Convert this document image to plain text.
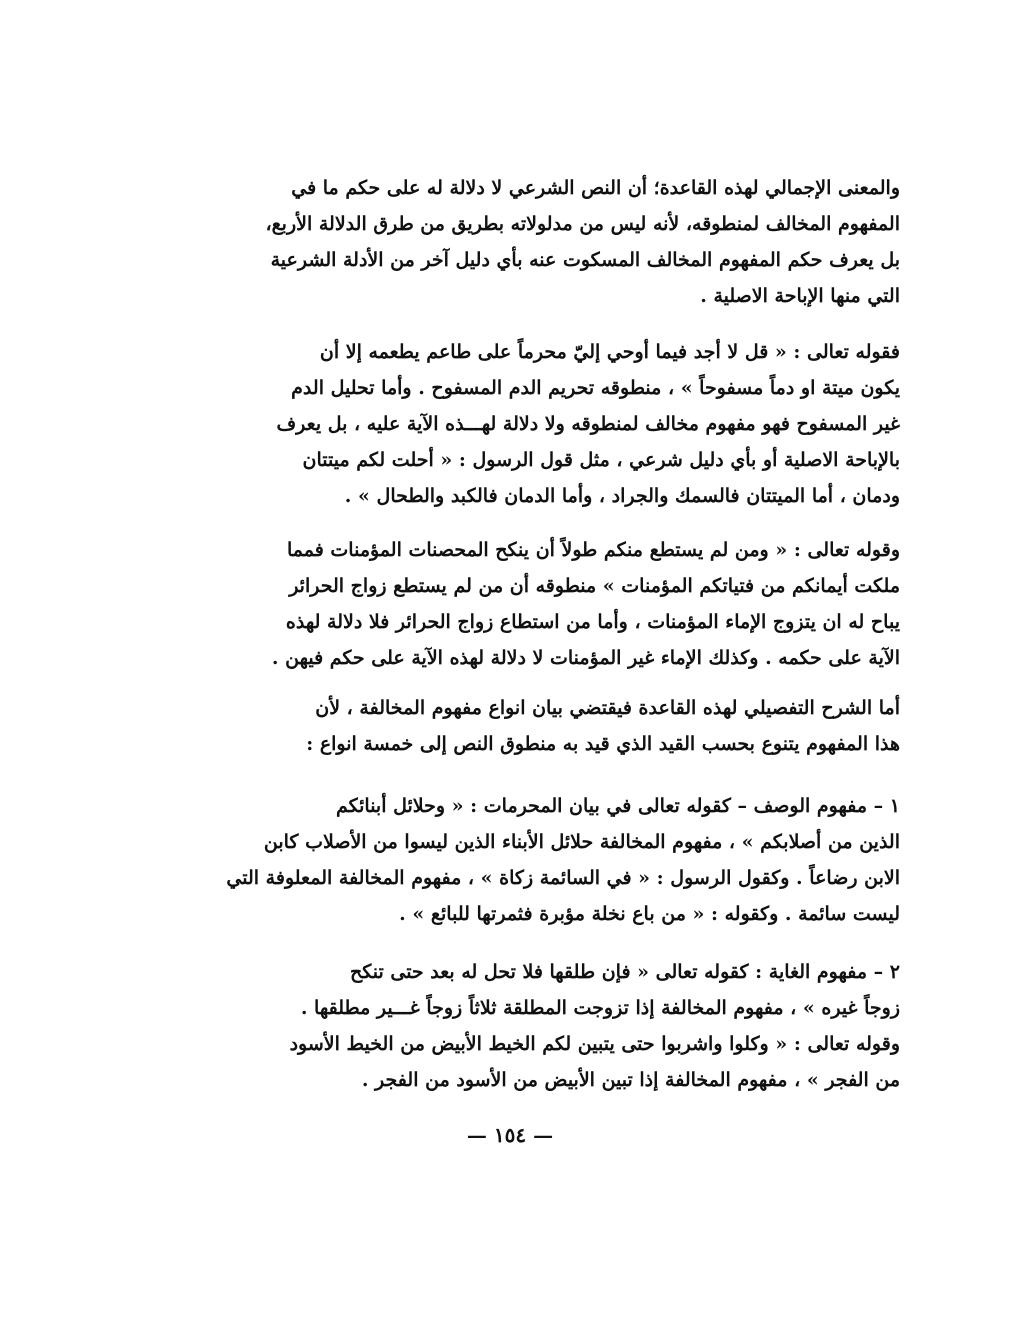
والمعنى الإجمالي لهذه القاعدة؛ أن النص الشرعي لا دلالة له على حكم ما في
المفهوم المخالف لمنطوقه، لأنه ليس من مدلولاته بطريق من طرق الدلالة الأربع،
بل يعرف حكم المفهوم المخالف المسكوت عنه بأي دليل آخر من الأدلة الشرعية
التي منها الإباحة الاصلية .
فقوله تعالى : « قل لا أجد فيما أوحي إليّ محرماً على طاعم يطعمه إلا أن
يكون ميتة او دماً مسفوحاً » ، منطوقه تحريم الدم المسفوح . وأما تحليل الدم
غير المسفوح فهو مفهوم مخالف لمنطوقه ولا دلالة لهـــذه الآية عليه ، بل يعرف
بالإباحة الاصلية أو بأي دليل شرعي ، مثل قول الرسول : « أحلت لكم ميتتان
ودمان ، أما الميتتان فالسمك والجراد ، وأما الدمان فالكبد والطحال » .
وقوله تعالى : « ومن لم يستطع منكم طولاً أن ينكح المحصنات المؤمنات فمما
ملكت أيمانكم من فتياتكم المؤمنات » منطوقه أن من لم يستطع زواج الحرائر
يباح له ان يتزوج الإماء المؤمنات ، وأما من استطاع زواج الحرائر فلا دلالة لهذه
الآية على حكمه . وكذلك الإماء غير المؤمنات لا دلالة لهذه الآية على حكم فيهن .
أما الشرح التفصيلي لهذه القاعدة فيقتضي بيان انواع مفهوم المخالفة ، لأن
هذا المفهوم يتنوع بحسب القيد الذي قيد به منطوق النص إلى خمسة انواع :
١ – مفهوم الوصف – كقوله تعالى في بيان المحرمات : « وحلائل أبنائكم
الذين من أصلابكم » ، مفهوم المخالفة حلائل الأبناء الذين ليسوا من الأصلاب كابن
الابن رضاعاً . وكقول الرسول : « في السائمة زكاة » ، مفهوم المخالفة المعلوفة التي
ليست سائمة . وكقوله : « من باع نخلة مؤبرة فثمرتها للبائع » .
٢ – مفهوم الغاية : كقوله تعالى « فإن طلقها فلا تحل له بعد حتى تنكح
زوجاً غيره » ، مفهوم المخالفة إذا تزوجت المطلقة ثلاثاً زوجاً غـــير مطلقها .
وقوله تعالى : « وكلوا واشربوا حتى يتبين لكم الخيط الأبيض من الخيط الأسود
من الفجر » ، مفهوم المخالفة إذا تبين الأبيض من الأسود من الفجر .
— ١٥٤ —
